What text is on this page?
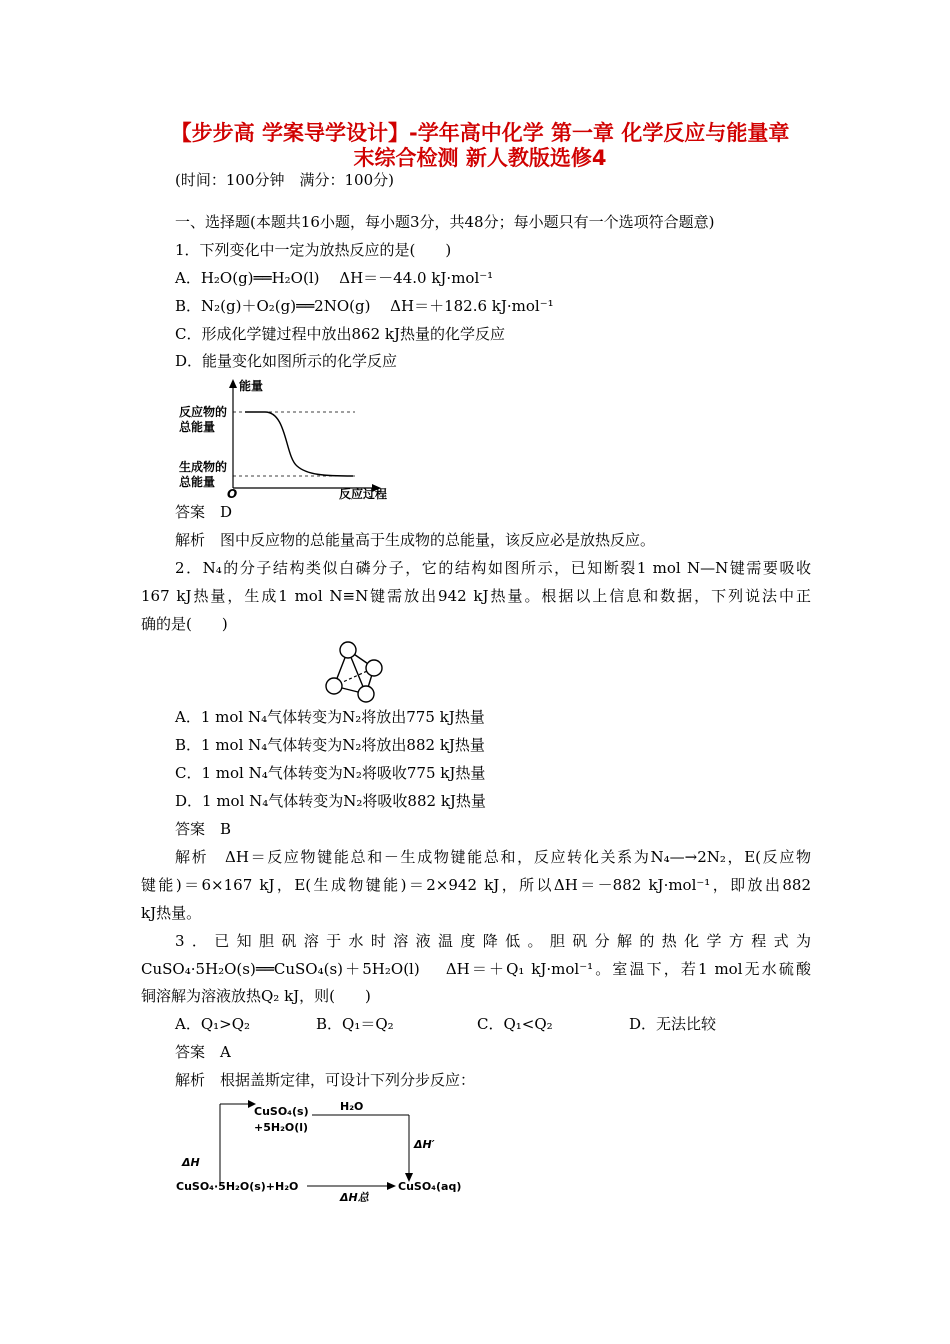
【步步高 学案导学设计】-学年高中化学 第一章 化学反应与能量章
末综合检测 新人教版选修4
(时间：100分钟　满分：100分)
一、选择题(本题共16小题，每小题3分，共48分；每小题只有一个选项符合题意)
1．下列变化中一定为放热反应的是(　　)
A．H₂O(g)══H₂O(l)　 ΔH＝－44.0 kJ·mol⁻¹
B．N₂(g)＋O₂(g)══2NO(g)　 ΔH＝＋182.6 kJ·mol⁻¹
C．形成化学键过程中放出862 kJ热量的化学反应
D．能量变化如图所示的化学反应
能量
反应物的
总能量
生成物的
总能量
O	反应过程
答案　D
解析　图中反应物的总能量高于生成物的总能量，该反应必是放热反应。
2．N₄的分子结构类似白磷分子，它的结构如图所示，已知断裂1 mol N—N键需要吸收
167 kJ热量，生成1 mol N≡N键需放出942 kJ热量。根据以上信息和数据，下列说法中正
确的是(　　)
A．1 mol N₄气体转变为N₂将放出775 kJ热量
B．1 mol N₄气体转变为N₂将放出882 kJ热量
C．1 mol N₄气体转变为N₂将吸收775 kJ热量
D．1 mol N₄气体转变为N₂将吸收882 kJ热量
答案　B
解析　ΔH＝反应物键能总和－生成物键能总和，反应转化关系为N₄—→2N₂，E(反应物
键能)＝6×167 kJ，E(生成物键能)＝2×942 kJ，所以ΔH＝－882 kJ·mol⁻¹，即放出882
kJ热量。
3．已知胆矾溶于水时溶液温度降低。胆矾分解的热化学方程式为
CuSO₄·5H₂O(s)══CuSO₄(s)＋5H₂O(l)　 ΔH＝＋Q₁ kJ·mol⁻¹。室温下，若1 mol无水硫酸
铜溶解为溶液放热Q₂ kJ，则(　　)
A．Q₁>Q₂	B．Q₁＝Q₂	C．Q₁<Q₂	D．无法比较
答案　A
解析　根据盖斯定律，可设计下列分步反应：
CuSO₄(s)
+5H₂O(l)
H₂O
ΔH′
ΔH
CuSO₄·5H₂O(s)+H₂O
ΔH总
CuSO₄(aq)
